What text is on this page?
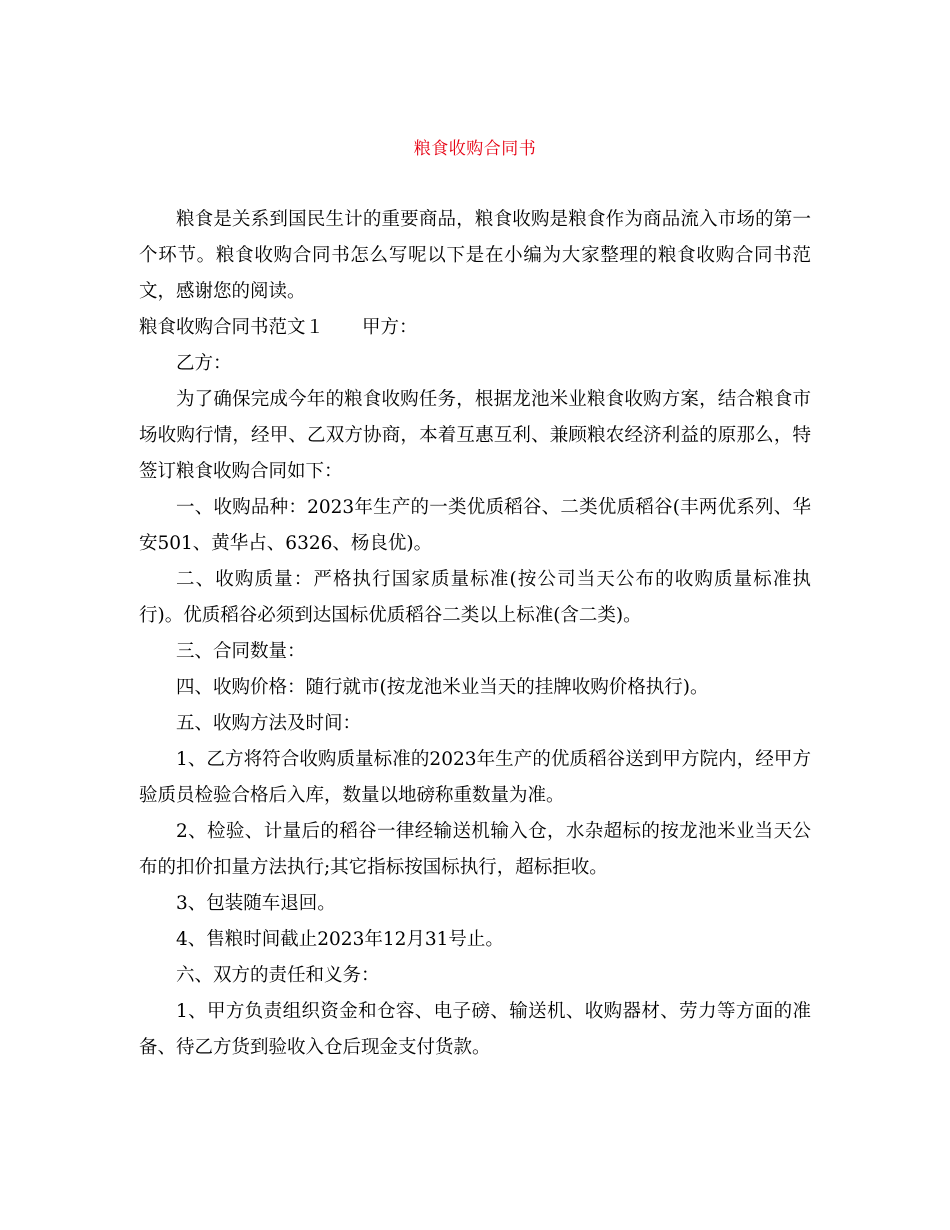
粮食收购合同书

粮食是关系到国民生计的重要商品，粮食收购是粮食作为商品流入市场的第一个环节。粮食收购合同书怎么写呢以下是在小编为大家整理的粮食收购合同书范文，感谢您的阅读。

粮食收购合同书范文１ 甲方：

乙方：

为了确保完成今年的粮食收购任务，根据龙池米业粮食收购方案，结合粮食市场收购行情，经甲、乙双方协商，本着互惠互利、兼顾粮农经济利益的原那么，特签订粮食收购合同如下：

一、收购品种：2023年生产的一类优质稻谷、二类优质稻谷(丰两优系列、华安501、黄华占、6326、杨良优)。

二、收购质量：严格执行国家质量标准(按公司当天公布的收购质量标准执行)。优质稻谷必须到达国标优质稻谷二类以上标准(含二类)。

三、合同数量：

四、收购价格：随行就市(按龙池米业当天的挂牌收购价格执行)。

五、收购方法及时间：

1、乙方将符合收购质量标准的2023年生产的优质稻谷送到甲方院内，经甲方验质员检验合格后入库，数量以地磅称重数量为准。

2、检验、计量后的稻谷一律经输送机输入仓，水杂超标的按龙池米业当天公布的扣价扣量方法执行;其它指标按国标执行，超标拒收。

3、包装随车退回。

4、售粮时间截止2023年12月31号止。

六、双方的责任和义务：

1、甲方负责组织资金和仓容、电子磅、输送机、收购器材、劳力等方面的准备、待乙方货到验收入仓后现金支付货款。
